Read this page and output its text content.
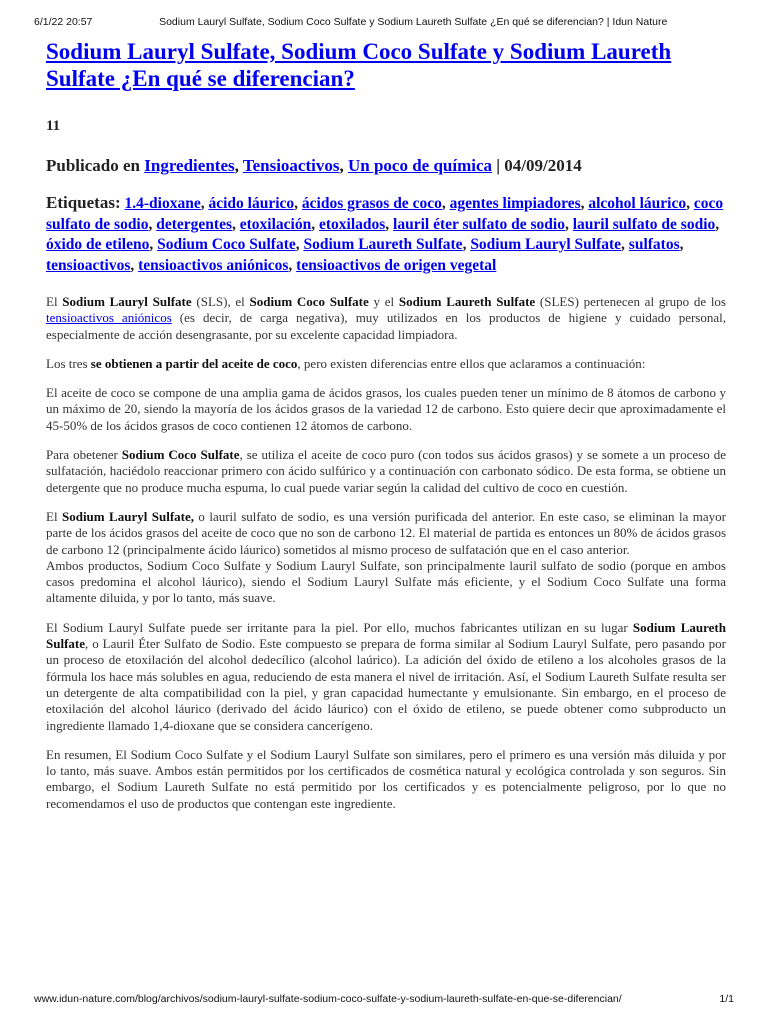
6/1/22 20:57	Sodium Lauryl Sulfate, Sodium Coco Sulfate y Sodium Laureth Sulfate ¿En qué se diferencian? | Idun Nature
Sodium Lauryl Sulfate, Sodium Coco Sulfate y Sodium Laureth Sulfate ¿En qué se diferencian?
11
Publicado en Ingredientes, Tensioactivos, Un poco de química | 04/09/2014
Etiquetas: 1.4-dioxane, ácido láurico, ácidos grasos de coco, agentes limpiadores, alcohol láurico, coco sulfato de sodio, detergentes, etoxilación, etoxilados, lauril éter sulfato de sodio, lauril sulfato de sodio, óxido de etileno, Sodium Coco Sulfate, Sodium Laureth Sulfate, Sodium Lauryl Sulfate, sulfatos, tensioactivos, tensioactivos aniónicos, tensioactivos de origen vegetal

El Sodium Lauryl Sulfate (SLS), el Sodium Coco Sulfate y el Sodium Laureth Sulfate (SLES) pertenecen al grupo de los tensioactivos aniónicos (es decir, de carga negativa), muy utilizados en los productos de higiene y cuidado personal, especialmente de acción desengrasante, por su excelente capacidad limpiadora.

Los tres se obtienen a partir del aceite de coco, pero existen diferencias entre ellos que aclaramos a continuación:

El aceite de coco se compone de una amplia gama de ácidos grasos, los cuales pueden tener un mínimo de 8 átomos de carbono y un máximo de 20, siendo la mayoría de los ácidos grasos de la variedad 12 de carbono. Esto quiere decir que aproximadamente el 45-50% de los ácidos grasos de coco contienen 12 átomos de carbono.

Para obetener Sodium Coco Sulfate, se utiliza el aceite de coco puro (con todos sus ácidos grasos) y se somete a un proceso de sulfatación, haciédolo reaccionar primero con ácido sulfúrico y a continuación con carbonato sódico. De esta forma, se obtiene un detergente que no produce mucha espuma, lo cual puede variar según la calidad del cultivo de coco en cuestión.

El Sodium Lauryl Sulfate, o lauril sulfato de sodio, es una versión purificada del anterior. En este caso, se eliminan la mayor parte de los ácidos grasos del aceite de coco que no son de carbono 12. El material de partida es entonces un 80% de ácidos grasos de carbono 12 (principalmente ácido láurico) sometidos al mismo proceso de sulfatación que en el caso anterior.

Ambos productos, Sodium Coco Sulfate y Sodium Lauryl Sulfate, son principalmente lauril sulfato de sodio (porque en ambos casos predomina el alcohol láurico), siendo el Sodium Lauryl Sulfate más eficiente, y el Sodium Coco Sulfate una forma altamente diluida, y por lo tanto, más suave.

El Sodium Lauryl Sulfate puede ser irritante para la piel. Por ello, muchos fabricantes utilizan en su lugar Sodium Laureth Sulfate, o Lauril Éter Sulfato de Sodio. Este compuesto se prepara de forma similar al Sodium Lauryl Sulfate, pero pasando por un proceso de etoxilación del alcohol dedecílico (alcohol laúrico). La adición del óxido de etileno a los alcoholes grasos de la fórmula los hace más solubles en agua, reduciendo de esta manera el nivel de irritación. Así, el Sodium Laureth Sulfate resulta ser un detergente de alta compatibilidad con la piel, y gran capacidad humectante y emulsionante. Sin embargo, en el proceso de etoxilación del alcohol láurico (derivado del ácido láurico) con el óxido de etileno, se puede obtener como subproducto un ingrediente llamado 1,4-dioxane que se considera cancerígeno.

En resumen, El Sodium Coco Sulfate y el Sodium Lauryl Sulfate son similares, pero el primero es una versión más diluida y por lo tanto, más suave. Ambos están permitidos por los certificados de cosmética natural y ecológica controlada y son seguros. Sin embargo, el Sodium Laureth Sulfate no está permitido por los certificados y es potencialmente peligroso, por lo que no recomendamos el uso de productos que contengan este ingrediente.

www.idun-nature.com/blog/archivos/sodium-lauryl-sulfate-sodium-coco-sulfate-y-sodium-laureth-sulfate-en-que-se-diferencian/	1/1
